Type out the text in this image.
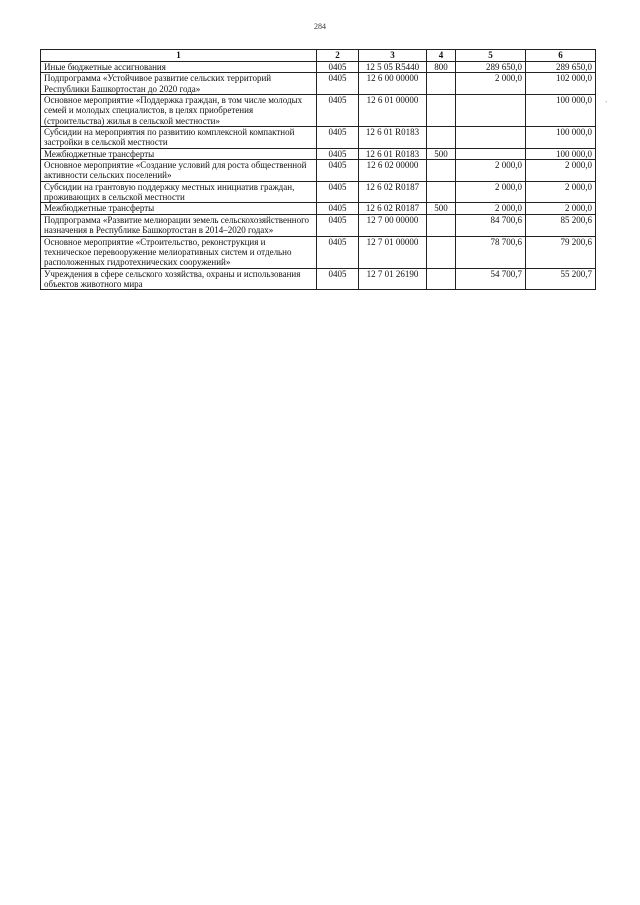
284
1	2	3	4	5	6
Иные бюджетные ассигнования	0405	12 5 05 R5440	800	289 650,0	289 650,0
Подпрограмма «Устойчивое развитие сельских территорий Республики Башкортостан до 2020 года»	0405	12 6 00 00000		2 000,0	102 000,0
Основное мероприятие «Поддержка граждан, в том числе молодых семей и молодых специалистов, в целях приобретения (строительства) жилья в сельской местности»	0405	12 6 01 00000			100 000,0
Субсидии на мероприятия по развитию комплексной компактной застройки в сельской местности	0405	12 6 01 R0183			100 000,0
Межбюджетные трансферты	0405	12 6 01 R0183	500		100 000,0
Основное мероприятие «Создание условий для роста общественной активности сельских поселений»	0405	12 6 02 00000		2 000,0	2 000,0
Субсидии на грантовую поддержку местных инициатив граждан, проживающих в сельской местности	0405	12 6 02 R0187		2 000,0	2 000,0
Межбюджетные трансферты	0405	12 6 02 R0187	500	2 000,0	2 000,0
Подпрограмма «Развитие мелиорации земель сельскохозяйственного назначения в Республике Башкортостан в 2014–2020 годах»	0405	12 7 00 00000		84 700,6	85 200,6
Основное мероприятие «Строительство, реконструкция и техническое перевооружение мелиоративных систем и отдельно расположенных гидротехнических сооружений»	0405	12 7 01 00000		78 700,6	79 200,6
Учреждения в сфере сельского хозяйства, охраны и использования объектов животного мира	0405	12 7 01 26190		54 700,7	55 200,7
`
